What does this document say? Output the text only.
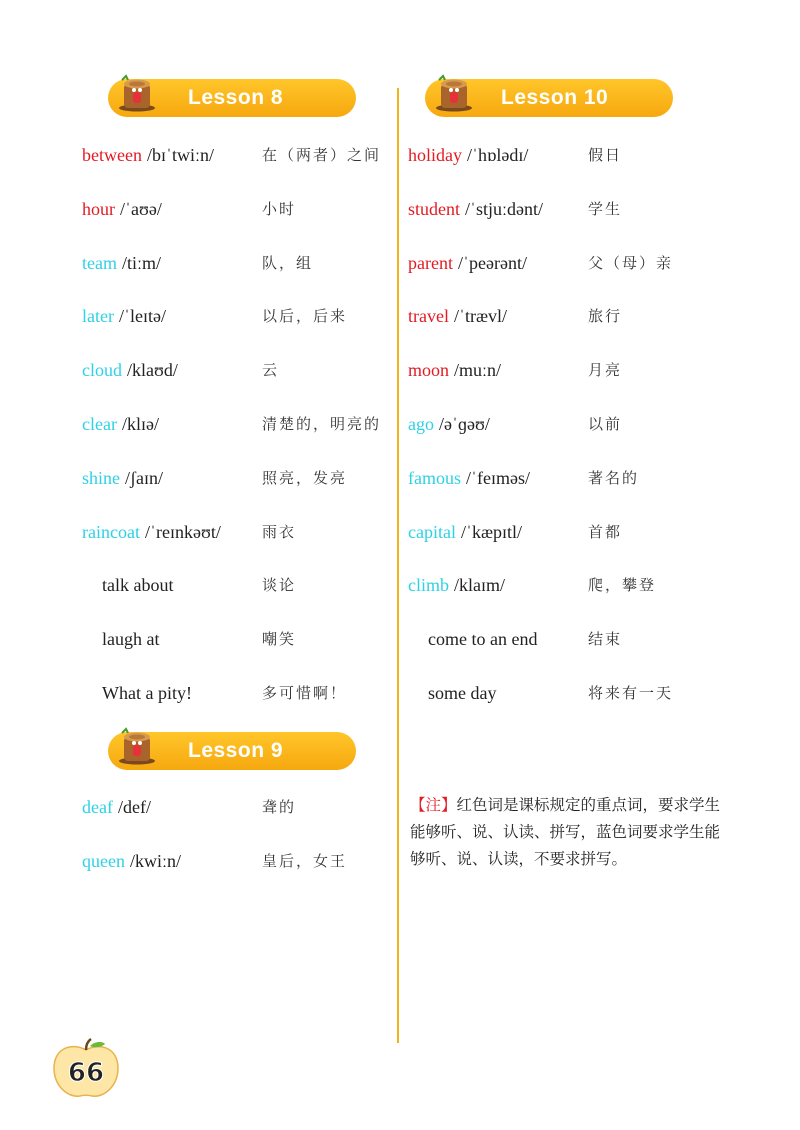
Lesson 8
Lesson 9
Lesson 10
between /bɪˈtwiːn/	在（两者）之间
hour /ˈaʊə/	小时
team /tiːm/	队，组
later /ˈleɪtə/	以后，后来
cloud /klaʊd/	云
clear /klɪə/	清楚的，明亮的
shine /ʃaɪn/	照亮，发亮
raincoat /ˈreɪnkəʊt/	雨衣
talk about	谈论
laugh at	嘲笑
What a pity!	多可惜啊！
deaf /def/	聋的
queen /kwiːn/	皇后，女王
holiday /ˈhɒlədɪ/	假日
student /ˈstjuːdənt/	学生
parent /ˈpeərənt/	父（母）亲
travel /ˈtrævl/	旅行
moon /muːn/	月亮
ago /əˈɡəʊ/	以前
famous /ˈfeɪməs/	著名的
capital /ˈkæpɪtl/	首都
climb /klaɪm/	爬，攀登
come to an end	结束
some day	将来有一天
【注】红色词是课标规定的重点词，要求学生能够听、说、认读、拼写，蓝色词要求学生能够听、说、认读，不要求拼写。
66
